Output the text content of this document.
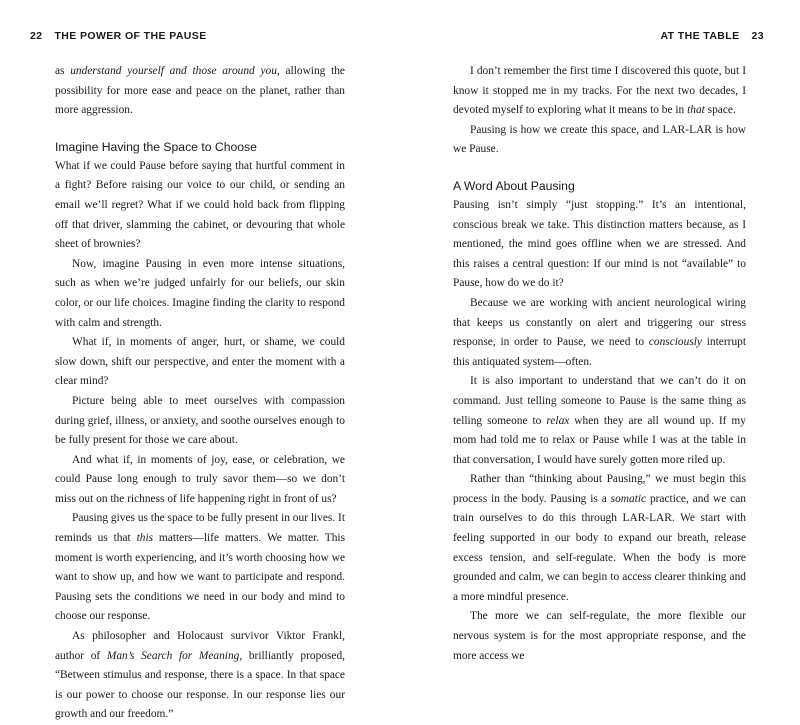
22 THE POWER OF THE PAUSE

as understand yourself and those around you, allowing the possibility for more ease and peace on the planet, rather than more aggression.

Imagine Having the Space to Choose

What if we could Pause before saying that hurtful comment in a fight? Before raising our voice to our child, or sending an email we’ll regret? What if we could hold back from flipping off that driver, slamming the cabinet, or devouring that whole sheet of brownies?

Now, imagine Pausing in even more intense situations, such as when we’re judged unfairly for our beliefs, our skin color, or our life choices. Imagine finding the clarity to respond with calm and strength.

What if, in moments of anger, hurt, or shame, we could slow down, shift our perspective, and enter the moment with a clear mind?

Picture being able to meet ourselves with compassion during grief, illness, or anxiety, and soothe ourselves enough to be fully present for those we care about.

And what if, in moments of joy, ease, or celebration, we could Pause long enough to truly savor them—so we don’t miss out on the richness of life happening right in front of us?

Pausing gives us the space to be fully present in our lives. It reminds us that this matters—life matters. We matter. This moment is worth experiencing, and it’s worth choosing how we want to show up, and how we want to participate and respond. Pausing sets the conditions we need in our body and mind to choose our response.

As philosopher and Holocaust survivor Viktor Frankl, author of Man’s Search for Meaning, brilliantly proposed, “Between stimulus and response, there is a space. In that space is our power to choose our response. In our response lies our growth and our freedom.”

AT THE TABLE 23

I don’t remember the first time I discovered this quote, but I know it stopped me in my tracks. For the next two decades, I devoted myself to exploring what it means to be in that space.

Pausing is how we create this space, and LAR-LAR is how we Pause.

A Word About Pausing

Pausing isn’t simply “just stopping.” It’s an intentional, conscious break we take. This distinction matters because, as I mentioned, the mind goes offline when we are stressed. And this raises a central question: If our mind is not “available” to Pause, how do we do it?

Because we are working with ancient neurological wiring that keeps us constantly on alert and triggering our stress response, in order to Pause, we need to consciously interrupt this antiquated system—often.

It is also important to understand that we can’t do it on command. Just telling someone to Pause is the same thing as telling someone to relax when they are all wound up. If my mom had told me to relax or Pause while I was at the table in that conversation, I would have surely gotten more riled up.

Rather than “thinking about Pausing,” we must begin this process in the body. Pausing is a somatic practice, and we can train ourselves to do this through LAR-LAR. We start with feeling supported in our body to expand our breath, release excess tension, and self-regulate. When the body is more grounded and calm, we can begin to access clearer thinking and a more mindful presence.

The more we can self-regulate, the more flexible our nervous system is for the most appropriate response, and the more access we
